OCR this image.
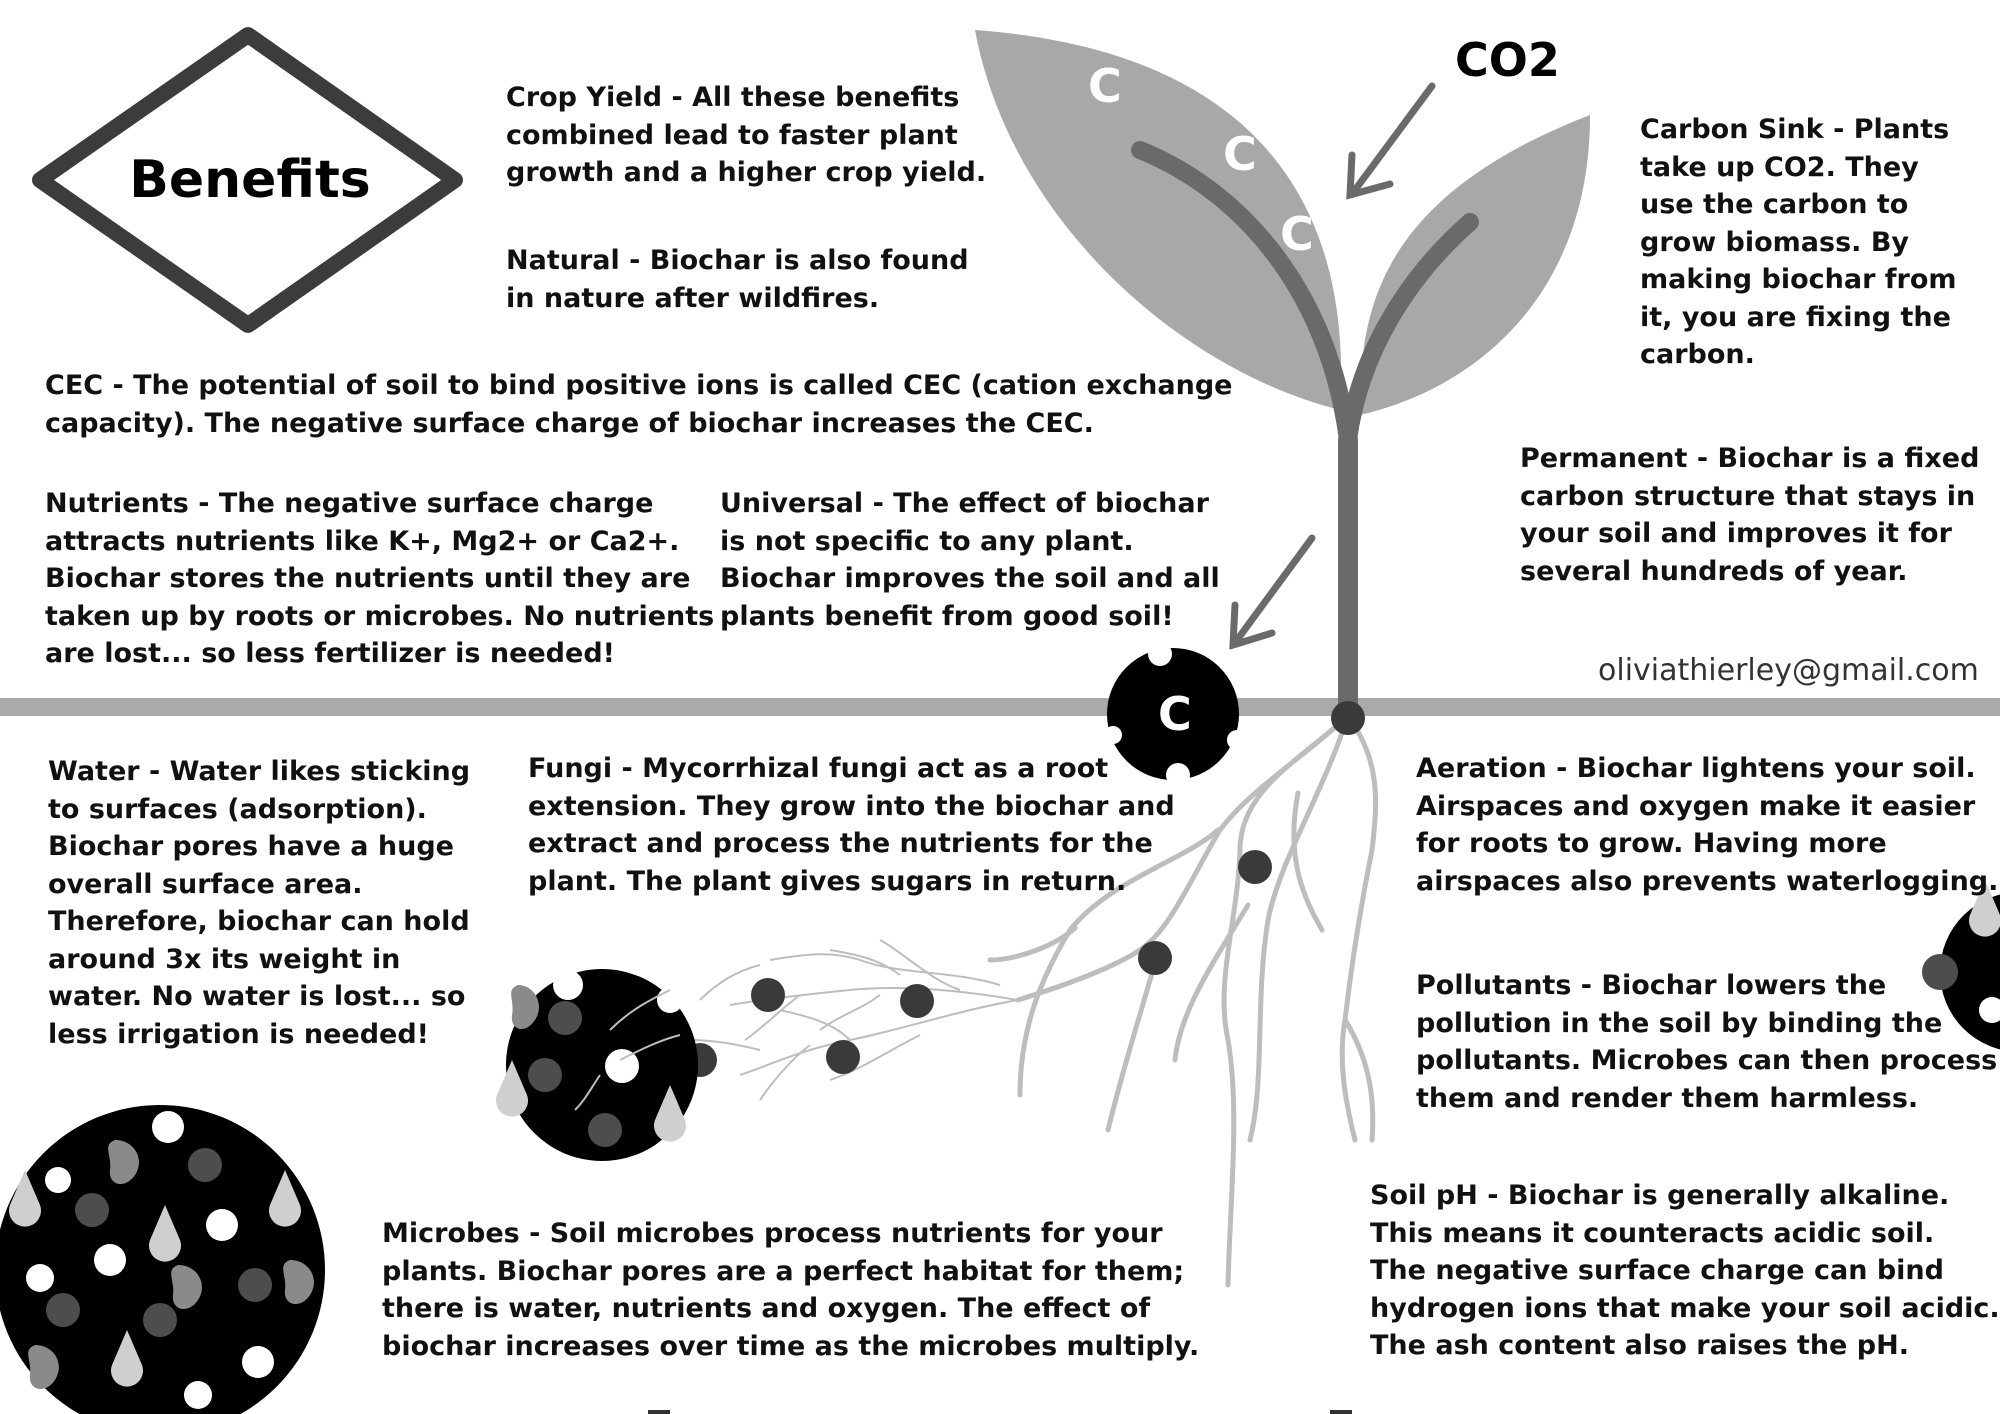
C
C
C
C
Benefits
CO2
Crop Yield - All these benefits
combined lead to faster plant
growth and a higher crop yield.
Natural - Biochar is also found
in nature after wildfires.
Carbon Sink - Plants
take up CO2. They
use the carbon to
grow biomass. By
making biochar from
it, you are fixing the
carbon.
CEC - The potential of soil to bind positive ions is called CEC (cation exchange
capacity). The negative surface charge of biochar increases the CEC.
Permanent - Biochar is a fixed
carbon structure that stays in
your soil and improves it for
several hundreds of year.
Nutrients - The negative surface charge
attracts nutrients like K+, Mg2+ or Ca2+.
Biochar stores the nutrients until they are
taken up by roots or microbes. No nutrients
are lost... so less fertilizer is needed!
Universal - The effect of biochar
is not specific to any plant.
Biochar improves the soil and all
plants benefit from good soil!
oliviathierley@gmail.com
Water - Water likes sticking
to surfaces (adsorption).
Biochar pores have a huge
overall surface area.
Therefore, biochar can hold
around 3x its weight in
water. No water is lost... so
less irrigation is needed!
Fungi - Mycorrhizal fungi act as a root
extension. They grow into the biochar and
extract and process the nutrients for the
plant. The plant gives sugars in return.
Aeration - Biochar lightens your soil.
Airspaces and oxygen make it easier
for roots to grow. Having more
airspaces also prevents waterlogging.
Pollutants - Biochar lowers the
pollution in the soil by binding the
pollutants. Microbes can then process
them and render them harmless.
Microbes - Soil microbes process nutrients for your
plants. Biochar pores are a perfect habitat for them;
there is water, nutrients and oxygen. The effect of
biochar increases over time as the microbes multiply.
Soil pH - Biochar is generally alkaline.
This means it counteracts acidic soil.
The negative surface charge can bind
hydrogen ions that make your soil acidic.
The ash content also raises the pH.
